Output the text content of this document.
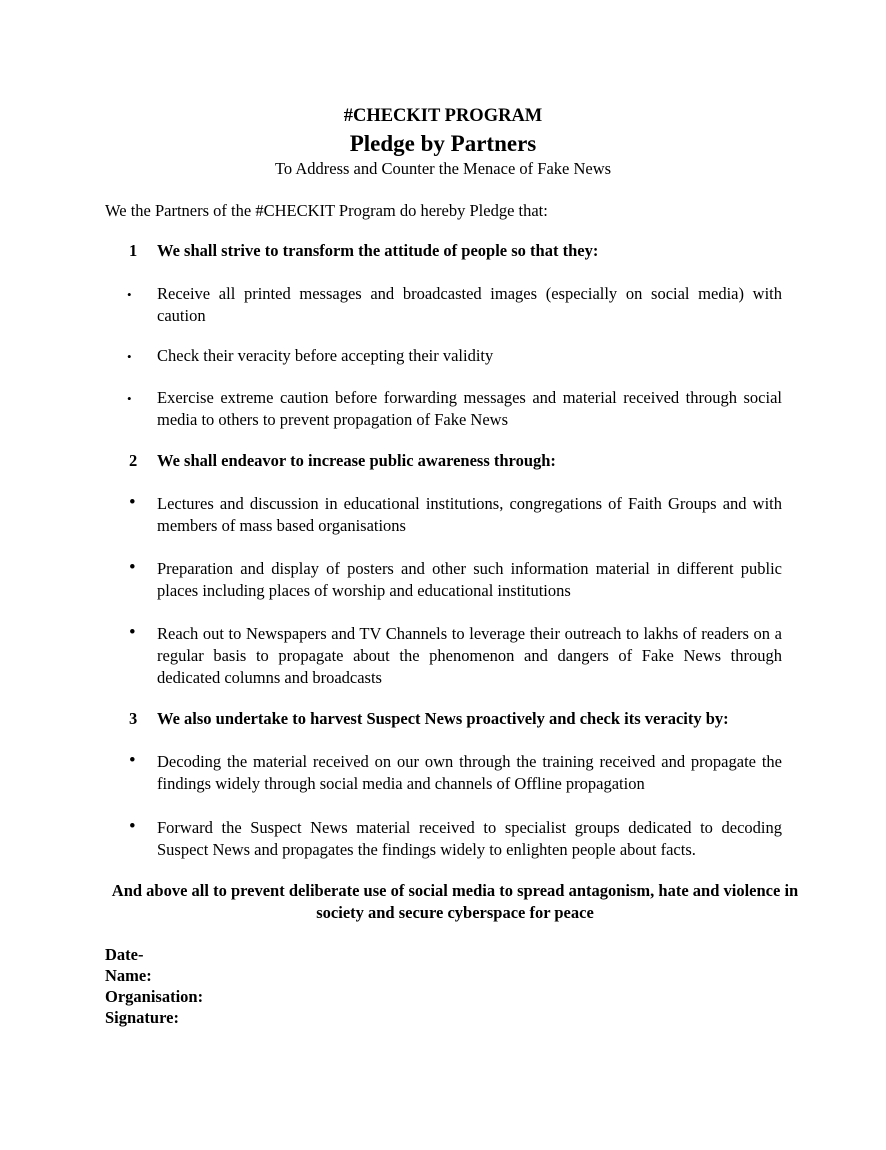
#CHECKIT PROGRAM
Pledge by Partners
To Address and Counter the Menace of Fake News
We the Partners of the #CHECKIT Program do hereby Pledge that:
1 We shall strive to transform the attitude of people so that they:
•	Receive all printed messages and broadcasted images (especially on social media) with caution
•	Check their veracity before accepting their validity
•	Exercise extreme caution before forwarding messages and material received through social media to others to prevent propagation of Fake News
2 We shall endeavor to increase public awareness through:
•	Lectures and discussion in educational institutions, congregations of Faith Groups and with members of mass based organisations
•	Preparation and display of posters and other such information material in different public places including places of worship and educational institutions
•	Reach out to Newspapers and TV Channels to leverage their outreach to lakhs of readers on a regular basis to propagate about the phenomenon and dangers of Fake News through dedicated columns and broadcasts
3 We also undertake to harvest Suspect News proactively and check its veracity by:
•	Decoding the material received on our own through the training received and propagate the findings widely through social media and channels of Offline propagation
•	Forward the Suspect News material received to specialist groups dedicated to decoding Suspect News and propagates the findings widely to enlighten people about facts.
And above all to prevent deliberate use of social media to spread antagonism, hate and violence in society and secure cyberspace for peace
Date-
Name:
Organisation:
Signature:
